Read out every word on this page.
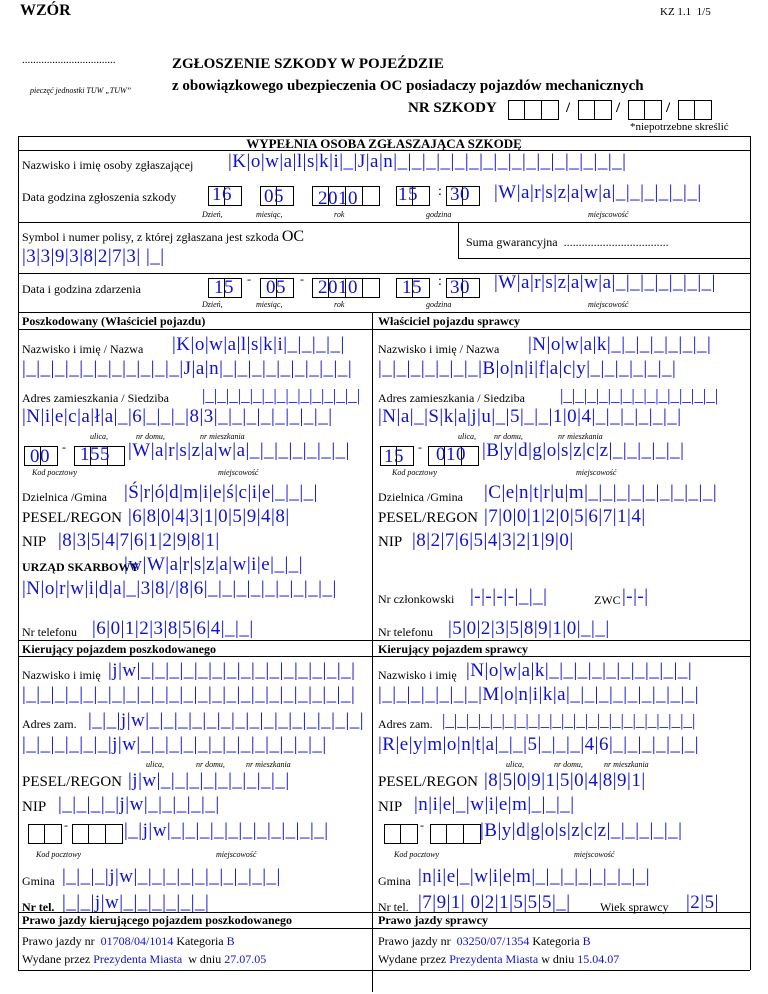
WZÓR	KZ 1.1 1/5
..................................
pieczęć jednostki TUW „TUW”
ZGŁOSZENIE SZKODY W POJEŹDZIE
z obowiązkowego ubezpieczenia OC posiadaczy pojazdów mechanicznych
NR SZKODY	/	/	/
*niepotrzebne skreślić
WYPEŁNIA OSOBA ZGŁASZAJĄCA SZKODĘ
Nazwisko i imię osoby zgłaszającej |K|o|w|a|l|s|k|i|_|J|a|n|_|_|_|_|_|_|_|_|_|_|_|_|_|_|_|_|
Data godzina zgłoszenia szkody 16 05 2010 15 : 30 |W|a|r|s|z|a|w|a|_|_|_|_|_|_|
Dzień,	miesiąc,	rok	godzina	miejscowość
Symbol i numer polisy, z której zgłaszana jest szkoda OC	Suma gwarancyjna ...................................
|3|3|9|3|8|2|7|3| |_|
Data i godzina zdarzenia	15 - 05 - 2010 15 : 30 |W|a|r|s|z|a|w|a|_|_|_|_|_|_|_|
Dzień,	miesiąc,	rok	godzina	miejscowość
Poszkodowany (Właściciel pojazdu)	Właściciel pojazdu sprawcy
Nazwisko i imię / Nazwa |K|o|w|a|l|s|k|i|_|_|_|_|
|_|_|_|_|_|_|_|_|_|_|_|J|a|n|_|_|_|_|_|_|_|_|_|
Adres zamieszkania / Siedziba |_|_|_|_|_|_|_|_|_|_|_|_|_|
|N|i|e|c|a|ł|a|_|6|_|_|_|8|3|_|_|_|_|_|_|_|_|
ulica,	nr domu,	nr mieszkania
00 - 155 |W|a|r|s|z|a|w|a|_|_|_|_|_|_|_|
Kod pocztowy	miejscowość
Dzielnica /Gmina |Ś|r|ó|d|m|i|e|ś|c|i|e|_|_|_|
PESEL/REGON |6|8|0|4|3|1|0|5|9|4|8|
NIP |8|3|5|4|7|6|1|2|9|8|1|
URZĄD SKARBOWY
|w|W|a|r|s|z|a|w|i|e|_|_|
|N|o|r|w|i|d|a|_|3|8|/|8|6|_|_|_|_|_|_|_|_|_|
Nr telefonu |6|0|1|2|3|8|5|6|4|_|_|
Nazwisko i imię / Nazwa |N|o|w|a|k|_|_|_|_|_|_|_|
|_|_|_|_|_|_|_|B|o|n|i|f|a|c|y|_|_|_|_|_|_|
Adres zamieszkania / Siedziba |_|_|_|_|_|_|_|_|_|_|_|_|_|
|N|a|_|S|k|a|j|u|_|5|_|_|1|0|4|_|_|_|_|_|_|
ulica, nr domu,	nr mieszkania
15 - 010 |B|y|d|g|o|s|z|c|z|_|_|_|_|_|
Kod pocztowy	miejscowość
Dzielnica /Gmina |C|e|n|t|r|u|m|_|_|_|_|_|_|_|_|_|
PESEL/REGON |7|0|0|1|2|0|5|6|7|1|4|
NIP |8|2|7|6|5|4|3|2|1|9|0|
Nr członkowski |-|-|-|-|_|_|	ZWC |-|-|
Nr telefonu |5|0|2|3|5|8|9|1|0|_|_|
Kierujący pojazdem poszkodowanego	Kierujący pojazdem sprawcy
Nazwisko i imię |j|w|_|_|_|_|_|_|_|_|_|_|_|_|_|_|_|
|_|_|_|_|_|_|_|_|_|_|_|_|_|_|_|_|_|_|_|_|_|_|_|
Adres zam. |_|_|j|w|_|_|_|_|_|_|_|_|_|_|_|_|_|_|_|
|_|_|_|_|_|_|j|w|_|_|_|_|_|_|_|_|_|_|_|_|_|
ulica,	nr domu,	nr mieszkania
PESEL/REGON |j|w|_|_|_|_|_|_|_|_|_|
NIP |_|_|_|_|j|w|_|_|_|_|_|
-	|_|j|w|_|_|_|_|_|_|_|_|_|_|_|
Kod pocztowy	miejscowość
Gmina |_|_|_|j|w|_|_|_|_|_|_|_|_|_|_|
Nr tel. |_|_|j|w|_|_|_|_|_|_|
Nazwisko i imię |N|o|w|a|k|_|_|_|_|_|_|_|_|_|_|
|_|_|_|_|_|_|_|M|o|n|i|k|a|_|_|_|_|_|_|_|_|_|
Adres zam. |_|_|_|_|_|_|_|_|_|_|_|_|_|_|_|_|_|_|_|_|_|
|R|e|y|m|o|n|t|a|_|_|5|_|_|_|4|6|_|_|_|_|_|_|
ulica,	nr domu,	nr mieszkania
PESEL/REGON |8|5|0|9|1|5|0|4|8|9|1|
NIP |n|i|e|_|w|i|e|m|_|_|_|
-	|B|y|d|g|o|s|z|c|z|_|_|_|_|_|
Kod pocztowy	miejscowość
Gmina |n|i|e|_|w|i|e|m|_|_|_|_|_|_|_|_|
Nr tel. |7|9|1| 0|2|1|5|5|5|_| Wiek sprawcy |2|5|
Prawo jazdy kierującego pojazdem poszkodowanego	Prawo jazdy sprawcy
Prawo jazdy nr 01708/04/1014 Kategoria B
Wydane przez Prezydenta Miasta w dniu 27.07.05
Prawo jazdy nr 03250/07/1354 Kategoria B
Wydane przez Prezydenta Miasta w dniu 15.04.07
